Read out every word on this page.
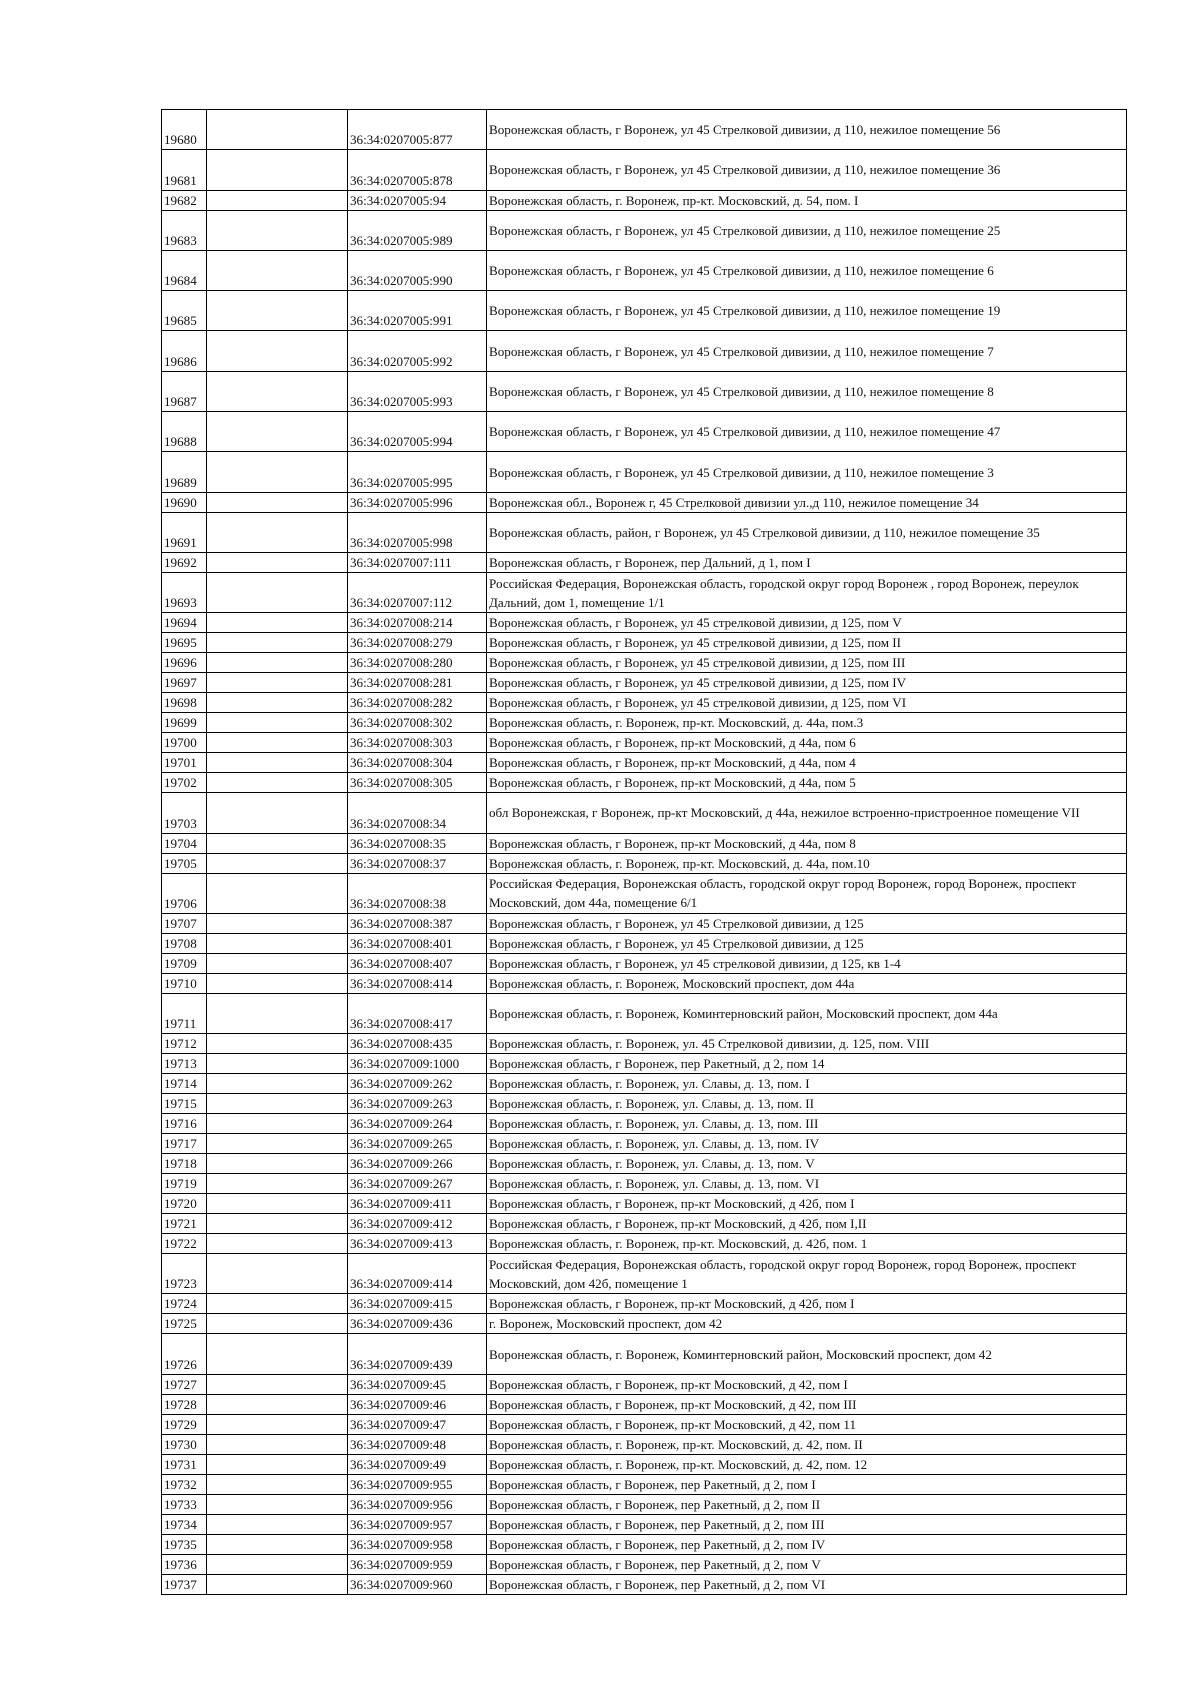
19680		36:34:0207005:877	Воронежская область, г Воронеж, ул 45 Стрелковой дивизии, д 110, нежилое помещение 56
19681		36:34:0207005:878	Воронежская область, г Воронеж, ул 45 Стрелковой дивизии, д 110, нежилое помещение 36
19682		36:34:0207005:94	Воронежская область, г. Воронеж, пр-кт. Московский, д. 54, пом. I
19683		36:34:0207005:989	Воронежская область, г Воронеж, ул 45 Стрелковой дивизии, д 110, нежилое помещение 25
19684		36:34:0207005:990	Воронежская область, г Воронеж, ул 45 Стрелковой дивизии, д 110, нежилое помещение 6
19685		36:34:0207005:991	Воронежская область, г Воронеж, ул 45 Стрелковой дивизии, д 110, нежилое помещение 19
19686		36:34:0207005:992	Воронежская область, г Воронеж, ул 45 Стрелковой дивизии, д 110, нежилое помещение 7
19687		36:34:0207005:993	Воронежская область, г Воронеж, ул 45 Стрелковой дивизии, д 110, нежилое помещение 8
19688		36:34:0207005:994	Воронежская область, г Воронеж, ул 45 Стрелковой дивизии, д 110, нежилое помещение 47
19689		36:34:0207005:995	Воронежская область, г Воронеж, ул 45 Стрелковой дивизии, д 110, нежилое помещение 3
19690		36:34:0207005:996	Воронежская обл., Воронеж г, 45 Стрелковой дивизии ул.,д 110, нежилое помещение 34
19691		36:34:0207005:998	Воронежская область, район, г Воронеж, ул 45 Стрелковой дивизии, д 110, нежилое помещение 35
19692		36:34:0207007:111	Воронежская область, г Воронеж, пер Дальний, д 1, пом I
19693		36:34:0207007:112	Российская Федерация, Воронежская область, городской округ город Воронеж , город Воронеж, переулок Дальний, дом 1, помещение 1/1
19694		36:34:0207008:214	Воронежская область, г Воронеж, ул 45 стрелковой дивизии, д 125, пом V
19695		36:34:0207008:279	Воронежская область, г Воронеж, ул 45 стрелковой дивизии, д 125, пом II
19696		36:34:0207008:280	Воронежская область, г Воронеж, ул 45 стрелковой дивизии, д 125, пом III
19697		36:34:0207008:281	Воронежская область, г Воронеж, ул 45 стрелковой дивизии, д 125, пом IV
19698		36:34:0207008:282	Воронежская область, г Воронеж, ул 45 стрелковой дивизии, д 125, пом VI
19699		36:34:0207008:302	Воронежская область, г. Воронеж, пр-кт. Московский, д. 44а, пом.3
19700		36:34:0207008:303	Воронежская область, г Воронеж, пр-кт Московский, д 44а, пом 6
19701		36:34:0207008:304	Воронежская область, г Воронеж, пр-кт Московский, д 44а, пом 4
19702		36:34:0207008:305	Воронежская область, г Воронеж, пр-кт Московский, д 44а, пом 5
19703		36:34:0207008:34	обл Воронежская, г Воронеж, пр-кт Московский, д 44а, нежилое встроенно-пристроенное помещение VII
19704		36:34:0207008:35	Воронежская область, г Воронеж, пр-кт Московский, д 44а, пом 8
19705		36:34:0207008:37	Воронежская область, г. Воронеж, пр-кт. Московский, д. 44а, пом.10
19706		36:34:0207008:38	Российская Федерация, Воронежская область, городской округ город Воронеж, город Воронеж, проспект Московский, дом 44а, помещение 6/1
19707		36:34:0207008:387	Воронежская область, г Воронеж, ул 45 Стрелковой дивизии, д 125
19708		36:34:0207008:401	Воронежская область, г Воронеж, ул 45 Стрелковой дивизии, д 125
19709		36:34:0207008:407	Воронежская область, г Воронеж, ул 45 стрелковой дивизии, д 125, кв 1-4
19710		36:34:0207008:414	Воронежская область, г. Воронеж, Московский проспект, дом 44а
19711		36:34:0207008:417	Воронежская область, г. Воронеж, Коминтерновский район, Московский проспект, дом 44а
19712		36:34:0207008:435	Воронежская область, г. Воронеж, ул. 45 Стрелковой дивизии, д. 125, пом. VIII
19713		36:34:0207009:1000	Воронежская область, г Воронеж, пер Ракетный, д 2, пом 14
19714		36:34:0207009:262	Воронежская область, г. Воронеж, ул. Славы, д. 13, пом. I
19715		36:34:0207009:263	Воронежская область, г. Воронеж, ул. Славы, д. 13, пом. II
19716		36:34:0207009:264	Воронежская область, г. Воронеж, ул. Славы, д. 13, пом. III
19717		36:34:0207009:265	Воронежская область, г. Воронеж, ул. Славы, д. 13, пом. IV
19718		36:34:0207009:266	Воронежская область, г. Воронеж, ул. Славы, д. 13, пом. V
19719		36:34:0207009:267	Воронежская область, г. Воронеж, ул. Славы, д. 13, пом. VI
19720		36:34:0207009:411	Воронежская область, г Воронеж, пр-кт Московский, д 42б, пом I
19721		36:34:0207009:412	Воронежская область, г Воронеж, пр-кт Московский, д 42б, пом I,II
19722		36:34:0207009:413	Воронежская область, г. Воронеж, пр-кт. Московский, д. 42б, пом. 1
19723		36:34:0207009:414	Российская Федерация, Воронежская область, городской округ город Воронеж, город Воронеж, проспект Московский, дом 42б, помещение 1
19724		36:34:0207009:415	Воронежская область, г Воронеж, пр-кт Московский, д 42б, пом I
19725		36:34:0207009:436	г. Воронеж, Московский проспект, дом 42
19726		36:34:0207009:439	Воронежская область, г. Воронеж, Коминтерновский район, Московский проспект, дом 42
19727		36:34:0207009:45	Воронежская область, г Воронеж, пр-кт Московский, д 42, пом I
19728		36:34:0207009:46	Воронежская область, г Воронеж, пр-кт Московский, д 42, пом III
19729		36:34:0207009:47	Воронежская область, г Воронеж, пр-кт Московский, д 42, пом 11
19730		36:34:0207009:48	Воронежская область, г. Воронеж, пр-кт. Московский, д. 42, пом. II
19731		36:34:0207009:49	Воронежская область, г. Воронеж, пр-кт. Московский, д. 42, пом. 12
19732		36:34:0207009:955	Воронежская область, г Воронеж, пер Ракетный, д 2, пом I
19733		36:34:0207009:956	Воронежская область, г Воронеж, пер Ракетный, д 2, пом II
19734		36:34:0207009:957	Воронежская область, г Воронеж, пер Ракетный, д 2, пом III
19735		36:34:0207009:958	Воронежская область, г Воронеж, пер Ракетный, д 2, пом IV
19736		36:34:0207009:959	Воронежская область, г Воронеж, пер Ракетный, д 2, пом V
19737		36:34:0207009:960	Воронежская область, г Воронеж, пер Ракетный, д 2, пом VI
